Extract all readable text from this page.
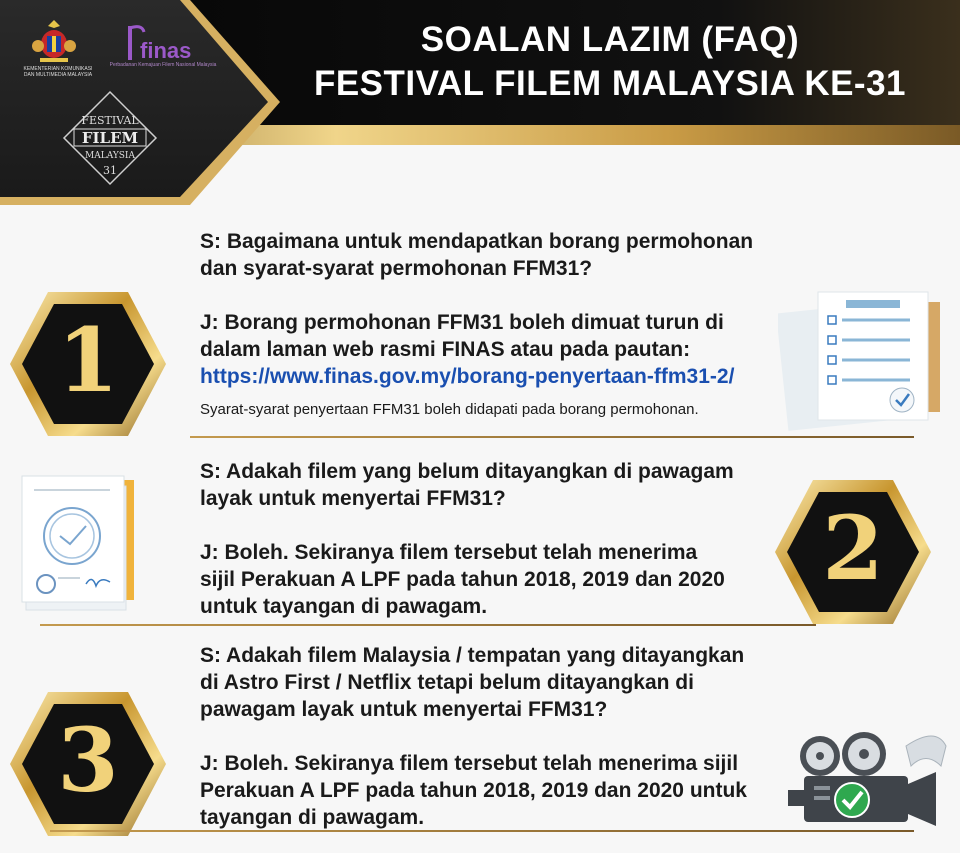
KEMENTERIAN KOMUNIKASI DAN MULTIMEDIA MALAYSIA
finas
Perbadanan Kemajuan Filem Nasional Malaysia
FESTIVAL
FILEM
MALAYSIA
31
SOALAN LAZIM (FAQ)
FESTIVAL FILEM MALAYSIA KE-31
1
S: Bagaimana untuk mendapatkan borang permohonan
dan syarat-syarat permohonan FFM31?
J: Borang permohonan FFM31 boleh dimuat turun di
dalam laman web rasmi FINAS atau pada pautan:
https://www.finas.gov.my/borang-penyertaan-ffm31-2/
Syarat-syarat penyertaan FFM31 boleh didapati pada borang permohonan.
S: Adakah filem yang belum ditayangkan di pawagam
layak untuk menyertai FFM31?
J: Boleh. Sekiranya filem tersebut telah menerima
sijil Perakuan A LPF pada tahun 2018, 2019 dan 2020
untuk tayangan di pawagam.
2
3
S: Adakah filem Malaysia / tempatan yang ditayangkan
di Astro First / Netflix tetapi belum ditayangkan di
pawagam layak untuk menyertai FFM31?
J: Boleh. Sekiranya filem tersebut telah menerima sijil
Perakuan A LPF pada tahun 2018, 2019 dan 2020 untuk
tayangan di pawagam.
